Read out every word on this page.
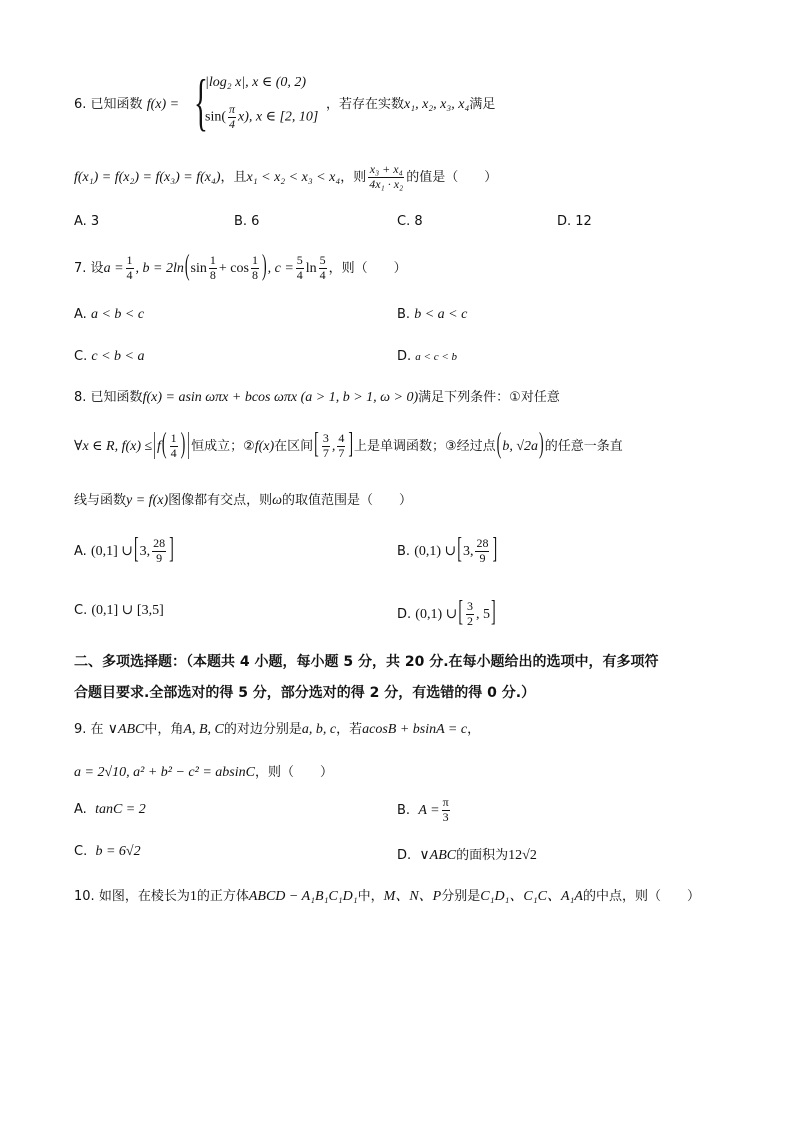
6. 已知函数 f(x) = {
|log₂ x|, x ∈ (0, 2)
$\sin( \frac{\pi}{4} x)$, x ∈ [2, 10]
，若存在实数x₁, x₂, x₃, x₄满足
f(x₁) = f(x₂) = f(x₃) = f(x₄)，且x₁ < x₂ < x₃ < x₄，则 $\frac{\text{x₃ + x₄}}{\text{4x₁ · x₂}}$ 的值是（　　）
A. 3	B. 6	C. 8	D. 12
7. 设$a = \frac{1}{4}$ , $b = 2\ln(\sin \frac{1}{8} + \cos \frac{1}{8}$ ), $c = \frac{5}{4}$ $\ln \frac{5}{4}$ ，则（　　）
A. a < b < c	B. b < a < c
C. c < b < a	D. a < c < b
8. 已知函数f(x) = asin ωπx + bcos ωπx (a > 1, b > 1, ω > 0)满足下列条件：①对任意
∀x ∈ R, $f(x) \le|f( \frac{1}{4}$ ) |恒成立；②f(x)在区间[ $\frac{3}{7}$ , $\frac{4}{7}$ ]上是单调函数；③经过点(b, √2a)的任意一条直
线与函数y = f(x)图像都有交点，则ω的取值范围是（　　）
A. (0,1] ∪[3, $\frac{28}{9}$ ]	B. (0,1) ∪[3, $\frac{28}{9}$ ]
C. (0,1] ∪ [3,5]	D. (0,1) ∪[ $\frac{3}{2}$ , 5]
二、多项选择题：（本题共 4 小题，每小题 5 分，共 20 分.在每小题给出的选项中，有多项符
合题目要求.全部选对的得 5 分，部分选对的得 2 分，有选错的得 0 分.）
9. 在 ∨ABC中，角A, B, C的对边分别是a, b, c，若acosB + bsinA = c，
a = 2√10, a² + b² − c² = absinC，则（　　）
A. tanC = 2	B. $A = \frac{\pi}{3}$
C. b = 6√2	D. ∨ABC的面积为12√2
10. 如图，在棱长为1的正方体ABCD − A₁B₁C₁D₁中，M、N、P分别是C₁D₁、C₁C、A₁A的中点，则（　　）
